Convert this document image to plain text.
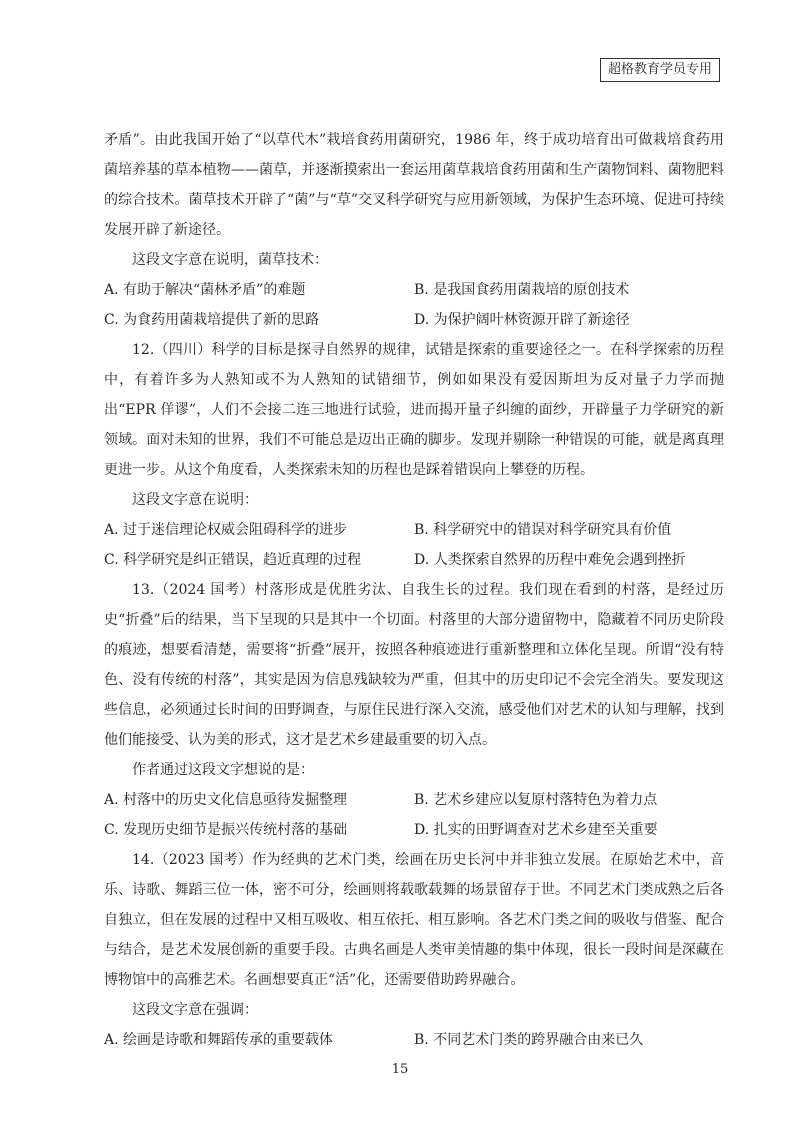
超格教育学员专用

矛盾”。由此我国开始了“以草代木”栽培食药用菌研究，1986 年，终于成功培育出可做栽培食药用菌培养基的草本植物——菌草，并逐渐摸索出一套运用菌草栽培食药用菌和生产菌物饲料、菌物肥料的综合技术。菌草技术开辟了“菌”与“草”交叉科学研究与应用新领域，为保护生态环境、促进可持续发展开辟了新途径。

这段文字意在说明，菌草技术：

A. 有助于解决“菌林矛盾”的难题	B. 是我国食药用菌栽培的原创技术
C. 为食药用菌栽培提供了新的思路	D. 为保护阔叶林资源开辟了新途径

12.（四川）科学的目标是探寻自然界的规律，试错是探索的重要途径之一。在科学探索的历程中，有着许多为人熟知或不为人熟知的试错细节，例如如果没有爱因斯坦为反对量子力学而抛出“EPR 佯谬”，人们不会接二连三地进行试验，进而揭开量子纠缠的面纱，开辟量子力学研究的新领域。面对未知的世界，我们不可能总是迈出正确的脚步。发现并剔除一种错误的可能，就是离真理更进一步。从这个角度看，人类探索未知的历程也是踩着错误向上攀登的历程。

这段文字意在说明：

A. 过于迷信理论权威会阻碍科学的进步	B. 科学研究中的错误对科学研究具有价值
C. 科学研究是纠正错误，趋近真理的过程	D. 人类探索自然界的历程中难免会遇到挫折

13.（2024 国考）村落形成是优胜劣汰、自我生长的过程。我们现在看到的村落，是经过历史“折叠”后的结果，当下呈现的只是其中一个切面。村落里的大部分遗留物中，隐藏着不同历史阶段的痕迹，想要看清楚，需要将“折叠”展开，按照各种痕迹进行重新整理和立体化呈现。所谓“没有特色、没有传统的村落”，其实是因为信息残缺较为严重，但其中的历史印记不会完全消失。要发现这些信息，必须通过长时间的田野调查，与原住民进行深入交流，感受他们对艺术的认知与理解，找到他们能接受、认为美的形式，这才是艺术乡建最重要的切入点。

作者通过这段文字想说的是：

A. 村落中的历史文化信息亟待发掘整理	B. 艺术乡建应以复原村落特色为着力点
C. 发现历史细节是振兴传统村落的基础	D. 扎实的田野调查对艺术乡建至关重要

14.（2023 国考）作为经典的艺术门类，绘画在历史长河中并非独立发展。在原始艺术中，音乐、诗歌、舞蹈三位一体，密不可分，绘画则将载歌载舞的场景留存于世。不同艺术门类成熟之后各自独立，但在发展的过程中又相互吸收、相互依托、相互影响。各艺术门类之间的吸收与借鉴、配合与结合，是艺术发展创新的重要手段。古典名画是人类审美情趣的集中体现，很长一段时间是深藏在博物馆中的高雅艺术。名画想要真正“活”化，还需要借助跨界融合。

这段文字意在强调：

A. 绘画是诗歌和舞蹈传承的重要载体	B. 不同艺术门类的跨界融合由来已久
15
